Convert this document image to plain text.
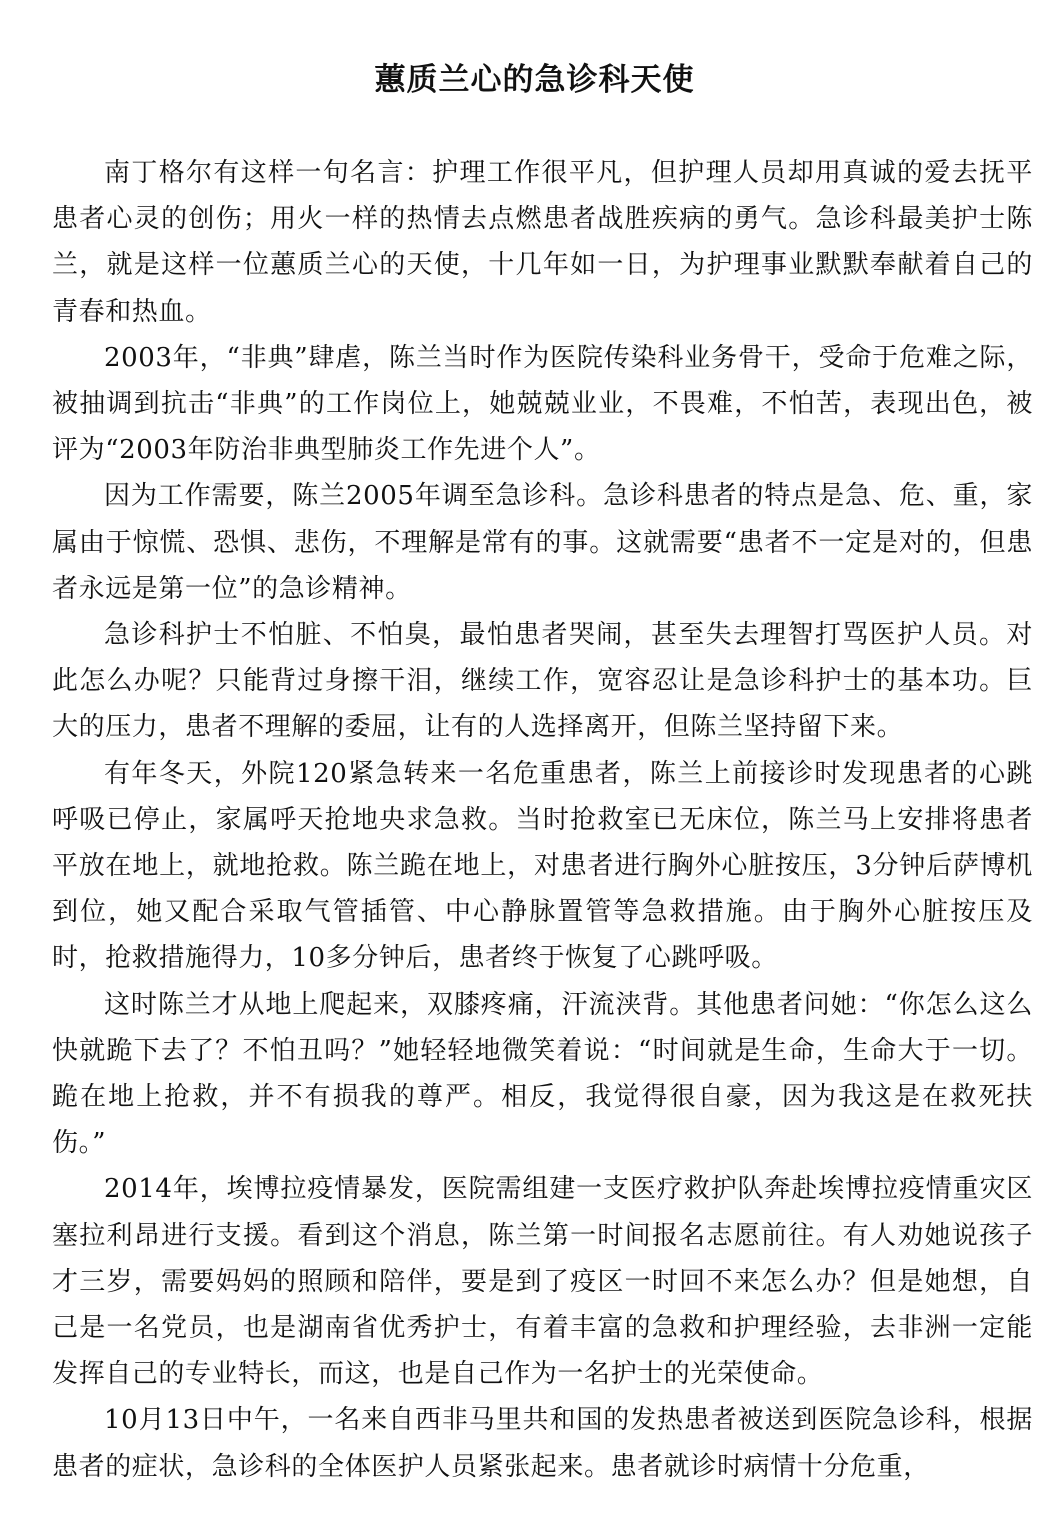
蕙质兰心的急诊科天使

南丁格尔有这样一句名言：护理工作很平凡，但护理人员却用真诚的爱去抚平患者心灵的创伤；用火一样的热情去点燃患者战胜疾病的勇气。急诊科最美护士陈兰，就是这样一位蕙质兰心的天使，十几年如一日，为护理事业默默奉献着自己的青春和热血。

2003年，“非典”肆虐，陈兰当时作为医院传染科业务骨干，受命于危难之际，被抽调到抗击“非典”的工作岗位上，她兢兢业业，不畏难，不怕苦，表现出色，被评为“2003年防治非典型肺炎工作先进个人”。

因为工作需要，陈兰2005年调至急诊科。急诊科患者的特点是急、危、重，家属由于惊慌、恐惧、悲伤，不理解是常有的事。这就需要“患者不一定是对的，但患者永远是第一位”的急诊精神。

急诊科护士不怕脏、不怕臭，最怕患者哭闹，甚至失去理智打骂医护人员。对此怎么办呢？只能背过身擦干泪，继续工作，宽容忍让是急诊科护士的基本功。巨大的压力，患者不理解的委屈，让有的人选择离开，但陈兰坚持留下来。

有年冬天，外院120紧急转来一名危重患者，陈兰上前接诊时发现患者的心跳呼吸已停止，家属呼天抢地央求急救。当时抢救室已无床位，陈兰马上安排将患者平放在地上，就地抢救。陈兰跪在地上，对患者进行胸外心脏按压，3分钟后萨博机到位，她又配合采取气管插管、中心静脉置管等急救措施。由于胸外心脏按压及时，抢救措施得力，10多分钟后，患者终于恢复了心跳呼吸。

这时陈兰才从地上爬起来，双膝疼痛，汗流浃背。其他患者问她：“你怎么这么快就跪下去了？不怕丑吗？”她轻轻地微笑着说：“时间就是生命，生命大于一切。跪在地上抢救，并不有损我的尊严。相反，我觉得很自豪，因为我这是在救死扶伤。”

2014年，埃博拉疫情暴发，医院需组建一支医疗救护队奔赴埃博拉疫情重灾区塞拉利昂进行支援。看到这个消息，陈兰第一时间报名志愿前往。有人劝她说孩子才三岁，需要妈妈的照顾和陪伴，要是到了疫区一时回不来怎么办？但是她想，自己是一名党员，也是湖南省优秀护士，有着丰富的急救和护理经验，去非洲一定能发挥自己的专业特长，而这，也是自己作为一名护士的光荣使命。

10月13日中午，一名来自西非马里共和国的发热患者被送到医院急诊科，根据患者的症状，急诊科的全体医护人员紧张起来。患者就诊时病情十分危重，
